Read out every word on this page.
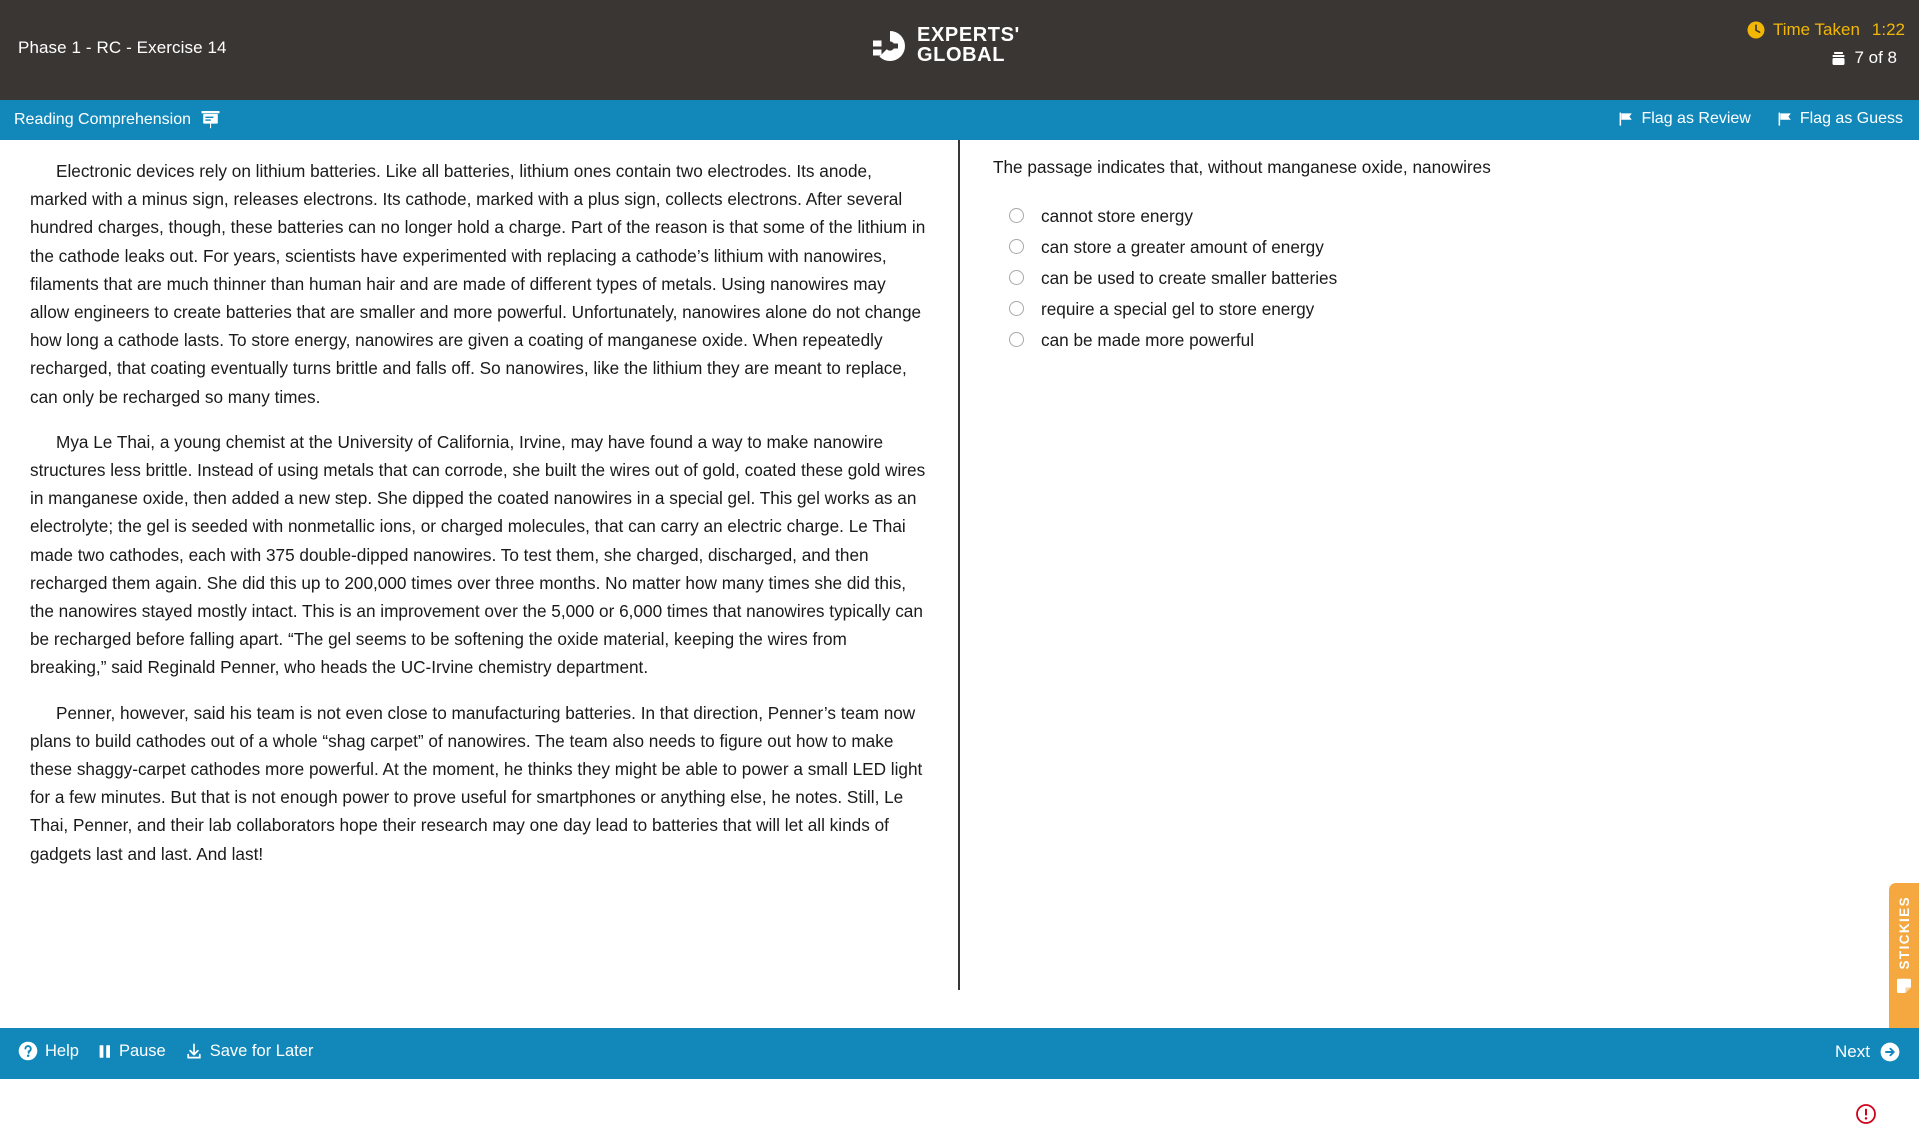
Phase 1 - RC - Exercise 14
EXPERTS'
GLOBAL
Time Taken 1:22
7 of 8
Reading Comprehension	Flag as Review	Flag as Guess

Electronic devices rely on lithium batteries. Like all batteries, lithium ones contain two electrodes. Its anode, marked with a minus sign, releases electrons. Its cathode, marked with a plus sign, collects electrons. After several hundred charges, though, these batteries can no longer hold a charge. Part of the reason is that some of the lithium in the cathode leaks out. For years, scientists have experimented with replacing a cathode’s lithium with nanowires, filaments that are much thinner than human hair and are made of different types of metals. Using nanowires may allow engineers to create batteries that are smaller and more powerful. Unfortunately, nanowires alone do not change how long a cathode lasts. To store energy, nanowires are given a coating of manganese oxide. When repeatedly recharged, that coating eventually turns brittle and falls off. So nanowires, like the lithium they are meant to replace, can only be recharged so many times.

Mya Le Thai, a young chemist at the University of California, Irvine, may have found a way to make nanowire structures less brittle. Instead of using metals that can corrode, she built the wires out of gold, coated these gold wires in manganese oxide, then added a new step. She dipped the coated nanowires in a special gel. This gel works as an electrolyte; the gel is seeded with nonmetallic ions, or charged molecules, that can carry an electric charge. Le Thai made two cathodes, each with 375 double-dipped nanowires. To test them, she charged, discharged, and then recharged them again. She did this up to 200,000 times over three months. No matter how many times she did this, the nanowires stayed mostly intact. This is an improvement over the 5,000 or 6,000 times that nanowires typically can be recharged before falling apart. “The gel seems to be softening the oxide material, keeping the wires from breaking,” said Reginald Penner, who heads the UC-Irvine chemistry department.

Penner, however, said his team is not even close to manufacturing batteries. In that direction, Penner’s team now plans to build cathodes out of a whole “shag carpet” of nanowires. The team also needs to figure out how to make these shaggy-carpet cathodes more powerful. At the moment, he thinks they might be able to power a small LED light for a few minutes. But that is not enough power to prove useful for smartphones or anything else, he notes. Still, Le Thai, Penner, and their lab collaborators hope their research may one day lead to batteries that will let all kinds of gadgets last and last. And last!

The passage indicates that, without manganese oxide, nanowires
cannot store energy
can store a greater amount of energy
can be used to create smaller batteries
require a special gel to store energy
can be made more powerful
STICKIES
Help Pause	Save for Later	Next
